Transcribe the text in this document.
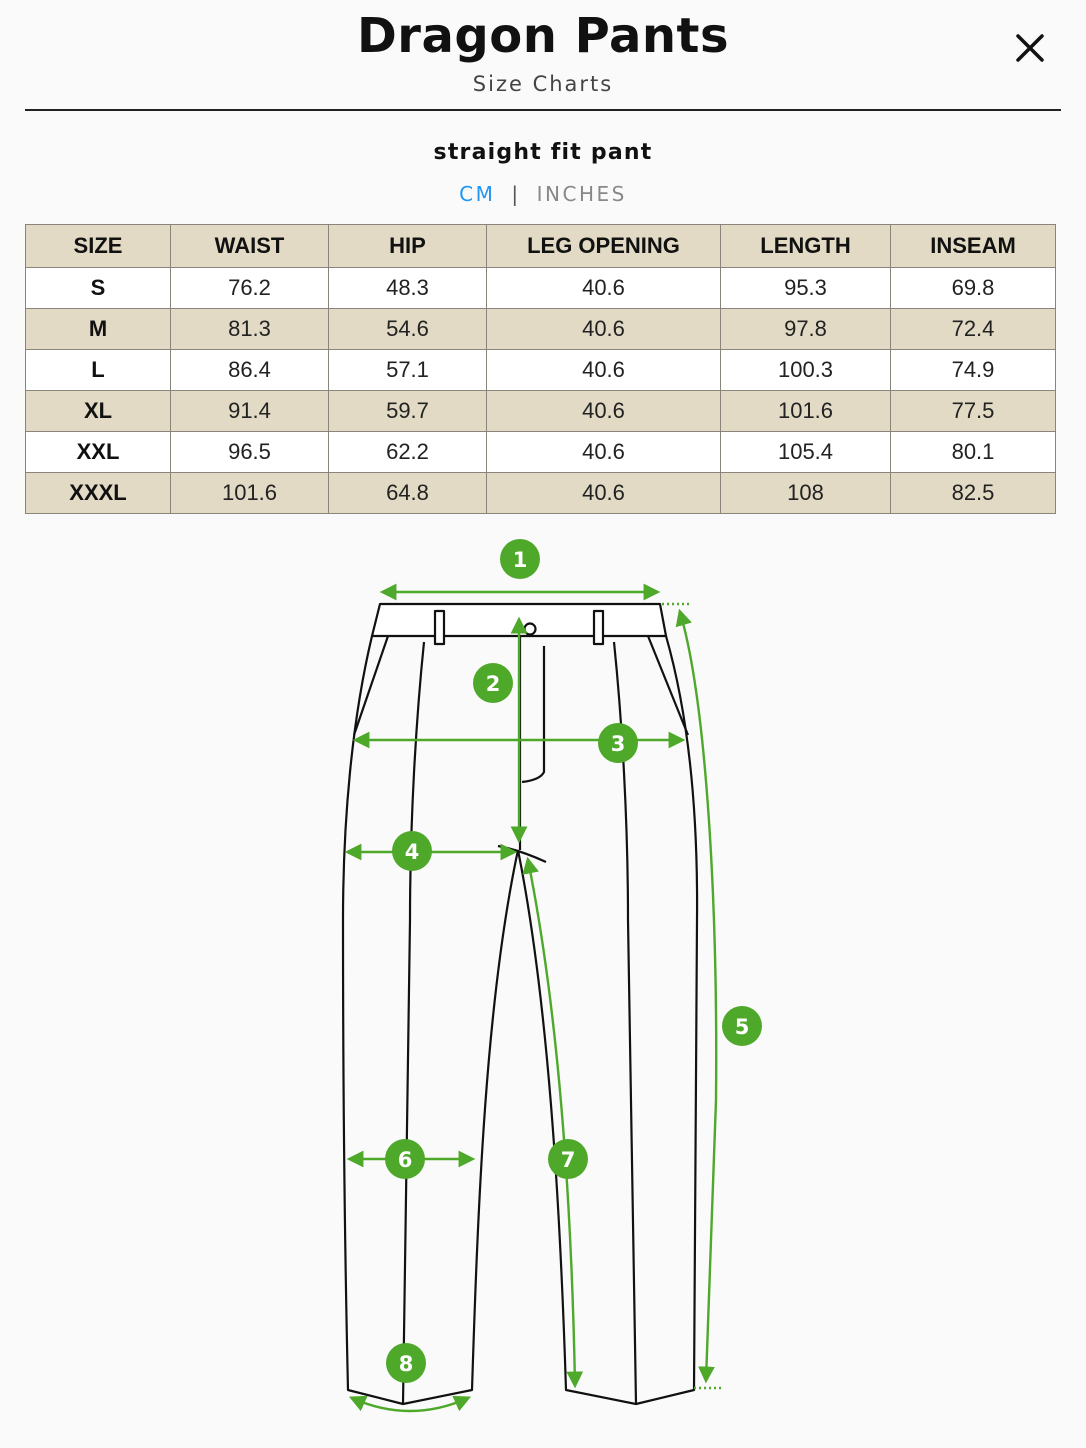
Dragon Pants
Size Charts
straight fit pant
CM | INCHES
SIZE	WAIST	HIP	LEG OPENING	LENGTH	INSEAM
S	76.2	48.3	40.6	95.3	69.8
M	81.3	54.6	40.6	97.8	72.4
L	86.4	57.1	40.6	100.3	74.9
XL	91.4	59.7	40.6	101.6	77.5
XXL	96.5	62.2	40.6	105.4	80.1
XXXL	101.6	64.8	40.6	108	82.5
1
2
3
4
5
6	7
8
